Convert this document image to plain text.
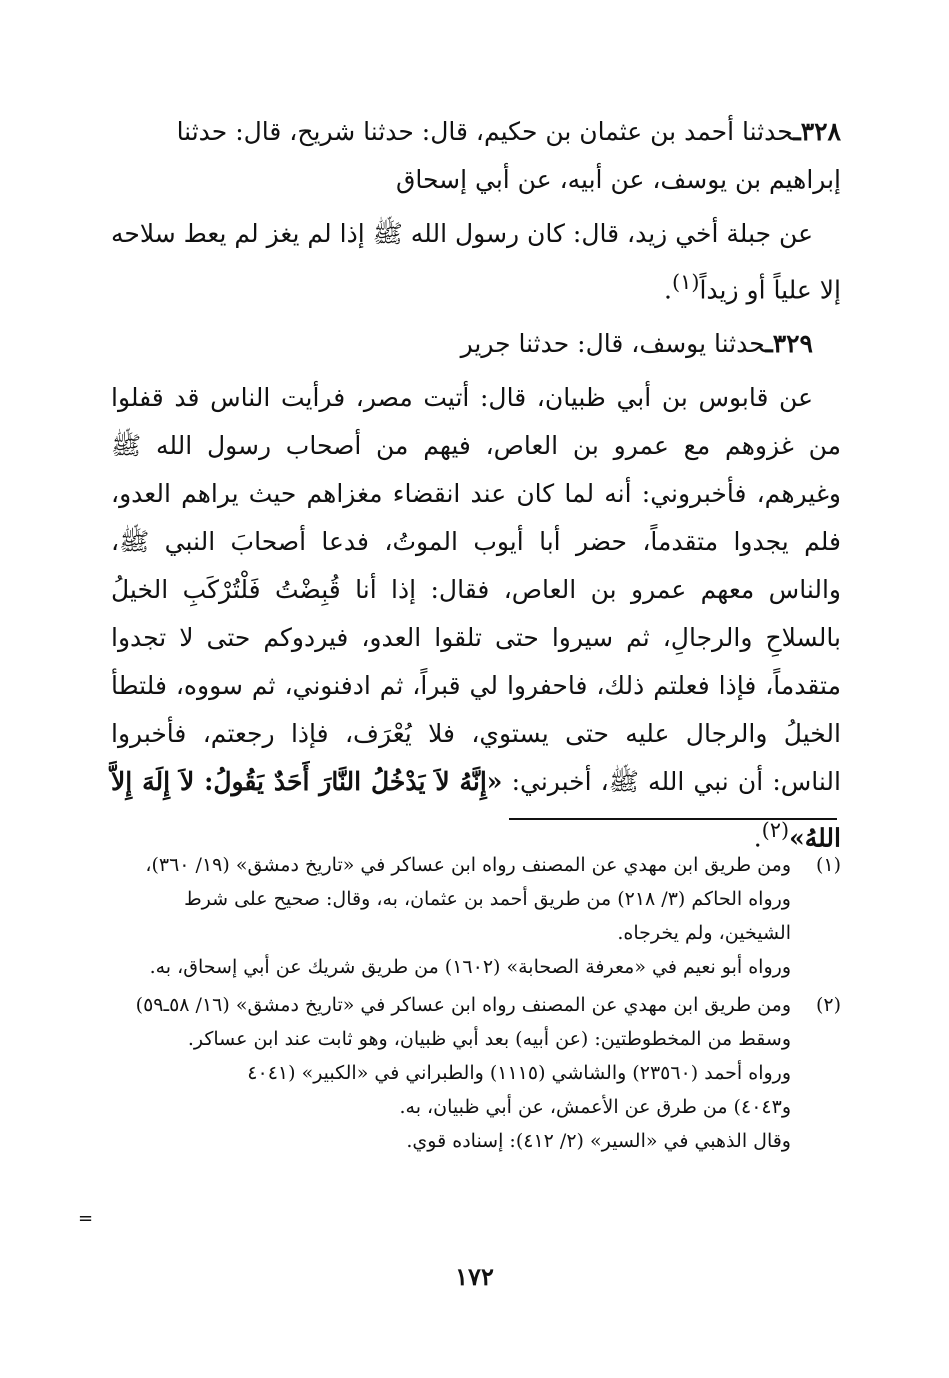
٣٢٨ـحدثنا أحمد بن عثمان بن حكيم، قال: حدثنا شريح، قال: حدثنا

إبراهيم بن يوسف، عن أبيه، عن أبي إسحاق

عن جبلة أخي زيد، قال: كان رسول الله ﷺ إذا لم يغز لم يعط سلاحه إلا علياً أو زيداً$^{(١)}$.

٣٢٩ـحدثنا يوسف، قال: حدثنا جرير

عن قابوس بن أبي ظبيان، قال: أتيت مصر، فرأيت الناس قد قفلوا من غزوهم مع عمرو بن العاص، فيهم من أصحاب رسول الله ﷺ وغيرهم، فأخبروني: أنه لما كان عند انقضاء مغزاهم حيث يراهم العدو، فلم يجدوا متقدماً، حضر أبا أيوب الموتُ، فدعا أصحابَ النبي ﷺ، والناس معهم عمرو بن العاص، فقال: إذا أنا قُبِضْتُ فَلْتُرْكَبِ الخيلُ بالسلاحِ والرجالِ، ثم سيروا حتى تلقوا العدو، فيردوكم حتى لا تجدوا متقدماً، فإذا فعلتم ذلك، فاحفروا لي قبراً، ثم ادفنوني، ثم سووه، فلتطأ الخيلُ والرجال عليه حتى يستوي، فلا يُعْرَف، فإذا رجعتم، فأخبروا الناس: أن نبي الله ﷺ، أخبرني: «إِنَّهُ لاَ يَدْخُلُ النَّارَ أَحَدٌ يَقُولُ: لاَ إِلَهَ إِلاَّ اللهُ»$^{(٢)}$.

(١)

ومن طريق ابن مهدي عن المصنف رواه ابن عساكر في «تاريخ دمشق» (١٩/ ٣٦٠)،

ورواه الحاكم (٣/ ٢١٨) من طريق أحمد بن عثمان، به، وقال: صحيح على شرط

الشيخين، ولم يخرجاه.

ورواه أبو نعيم في «معرفة الصحابة» (١٦٠٢) من طريق شريك عن أبي إسحاق، به.

(٢)

ومن طريق ابن مهدي عن المصنف رواه ابن عساكر في «تاريخ دمشق» (١٦/ ٥٨ـ٥٩)

وسقط من المخطوطتين: (عن أبيه) بعد أبي ظبيان، وهو ثابت عند ابن عساكر.

ورواه أحمد (٢٣٥٦٠) والشاشي (١١١٥) والطبراني في «الكبير» (٤٠٤١

و٤٠٤٣) من طرق عن الأعمش، عن أبي ظبيان، به.

وقال الذهبي في «السير» (٢/ ٤١٢): إسناده قوي.

=
١٧٢
